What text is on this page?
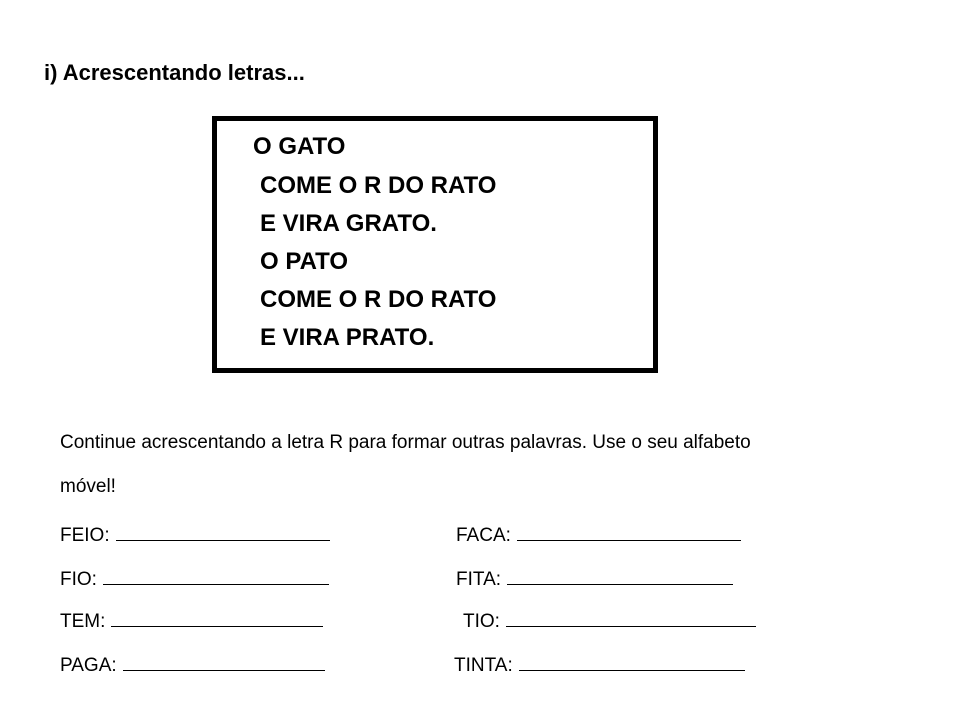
i) Acrescentando letras...
O GATO
COME O R DO RATO
E VIRA GRATO.
O PATO
COME O R DO RATO
E VIRA PRATO.
Continue acrescentando a letra R para formar outras palavras. Use o seu alfabeto
móvel!
FEIO:	FACA:
FIO:	FITA:
TEM:	TIO:
PAGA:	TINTA:
